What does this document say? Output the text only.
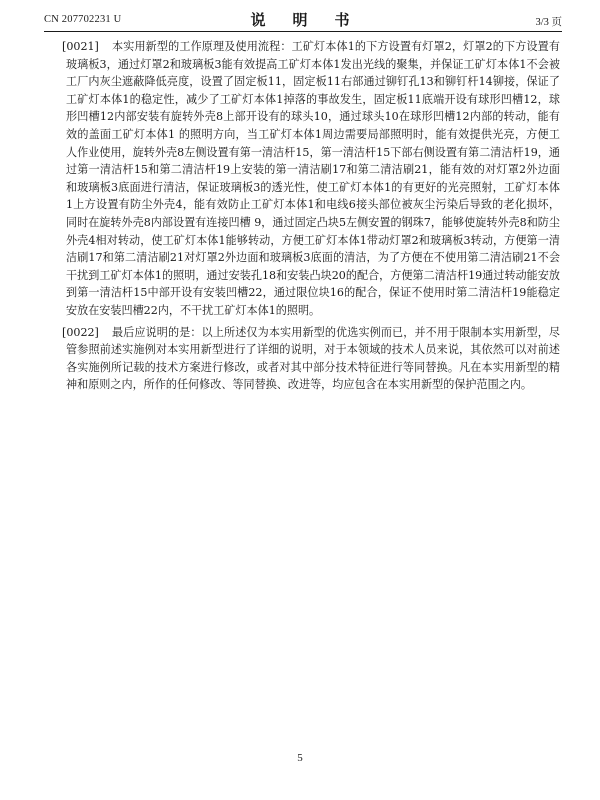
CN 207702231 U	说　明　书	3/3 页
[0021]	本实用新型的工作原理及使用流程：工矿灯本体1的下方设置有灯罩2，灯罩2的下方设置有玻璃板3，通过灯罩2和玻璃板3能有效提高工矿灯本体1发出光线的聚集，并保证工矿灯本体1不会被工厂内灰尘遮蔽降低亮度，设置了固定板11，固定板11右部通过铆钉孔13和铆钉杆14铆接，保证了工矿灯本体1的稳定性，减少了工矿灯本体1掉落的事故发生，固定板11底端开设有球形凹槽12，球形凹槽12内部安装有旋转外壳8上部开设有的球头10，通过球头10在球形凹槽12内部的转动，能有效的盖面工矿灯本体1 的照明方向，当工矿灯本体1周边需要局部照明时，能有效提供光亮，方便工人作业使用，旋转外壳8左侧设置有第一清洁杆15，第一清洁杆15下部右侧设置有第二清洁杆19，通过第一清洁杆15和第二清洁杆19上安装的第一清洁刷17和第二清洁刷21，能有效的对灯罩2外边面和玻璃板3底面进行清洁，保证玻璃板3的透光性，使工矿灯本体1的有更好的光亮照射，工矿灯本体1上方设置有防尘外壳4，能有效防止工矿灯本体1和电线6接头部位被灰尘污染后导致的老化损坏，同时在旋转外壳8内部设置有连接凹槽 9，通过固定凸块5左侧安置的钢珠7，能够使旋转外壳8和防尘外壳4相对转动，使工矿灯本体1能够转动，方便工矿灯本体1带动灯罩2和玻璃板3转动，方便第一清洁刷17和第二清洁刷21对灯罩2外边面和玻璃板3底面的清洁，为了方便在不使用第二清洁刷21不会干扰到工矿灯本体1的照明，通过安装孔18和安装凸块20的配合，方便第二清洁杆19通过转动能安放到第一清洁杆15中部开设有安装凹槽22，通过限位块16的配合，保证不使用时第二清洁杆19能稳定安放在安装凹槽22内，不干扰工矿灯本体1的照明。
[0022]	最后应说明的是：以上所述仅为本实用新型的优选实例而已，并不用于限制本实用新型，尽管参照前述实施例对本实用新型进行了详细的说明，对于本领域的技术人员来说，其依然可以对前述各实施例所记载的技术方案进行修改，或者对其中部分技术特征进行等同替换。凡在本实用新型的精神和原则之内，所作的任何修改、等同替换、改进等，均应包含在本实用新型的保护范围之内。
5
